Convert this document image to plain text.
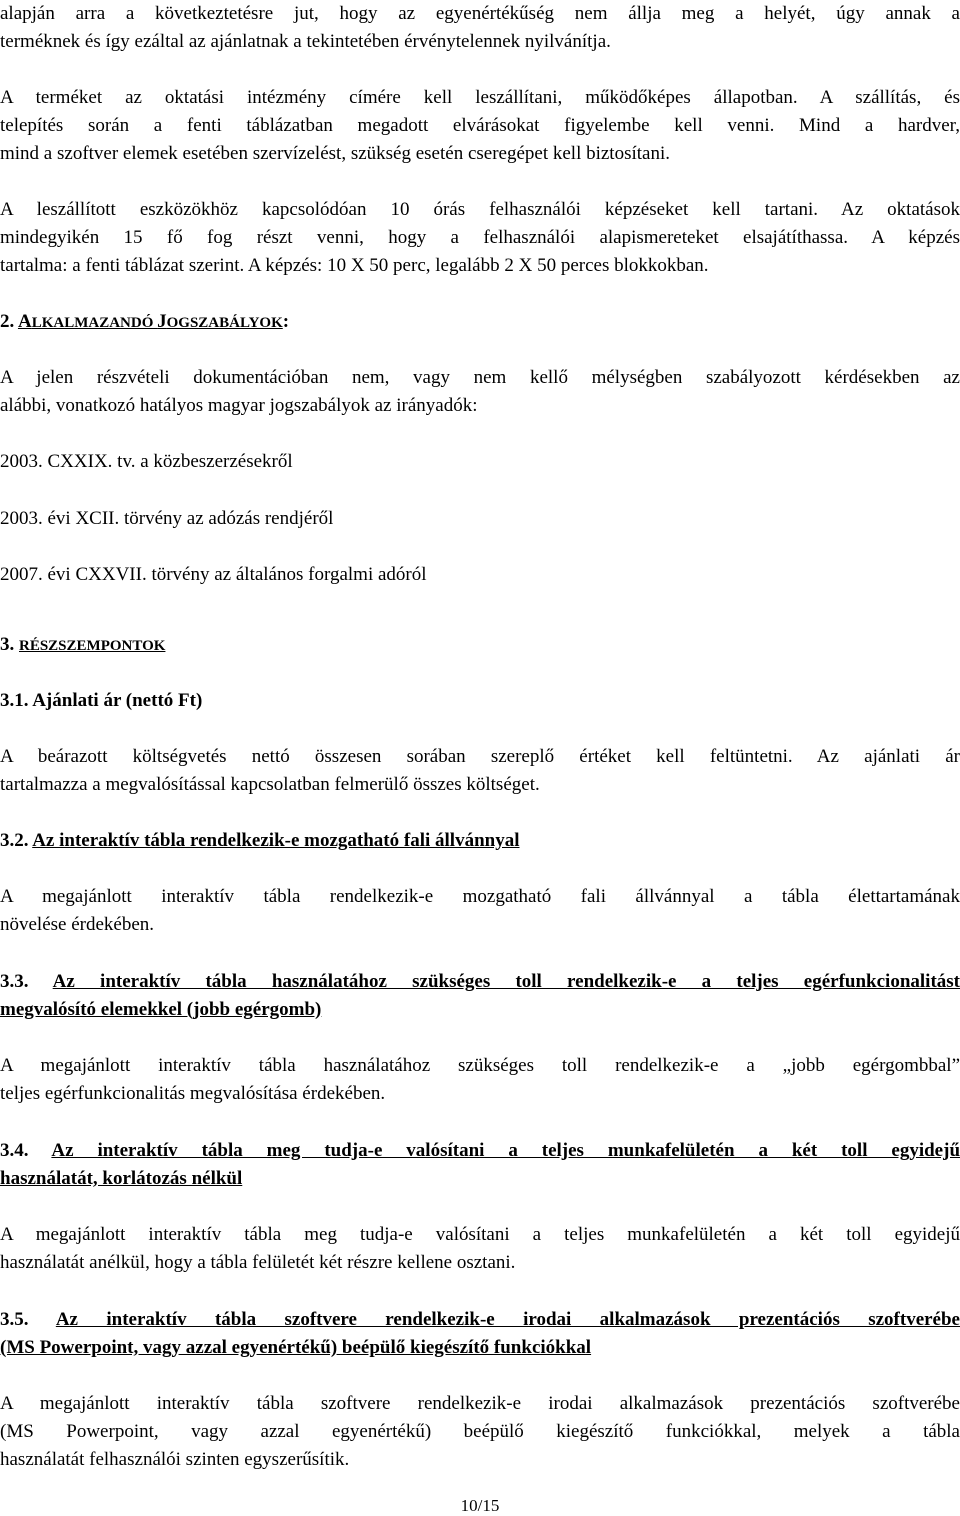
alapján arra a következtetésre jut, hogy az egyenértékűség nem állja meg a helyét, úgy annak a
terméknek és így ezáltal az ajánlatnak a tekintetében érvénytelennek nyilvánítja.
A terméket az oktatási intézmény címére kell leszállítani, működőképes állapotban. A szállítás, és
telepítés során a fenti táblázatban megadott elvárásokat figyelembe kell venni. Mind a hardver,
mind a szoftver elemek esetében szervízelést, szükség esetén cseregépet kell biztosítani.
A leszállított eszközökhöz kapcsolódóan 10 órás felhasználói képzéseket kell tartani. Az oktatások
mindegyikén 15 fő fog részt venni, hogy a felhasználói alapismereteket elsajátíthassa. A képzés
tartalma: a fenti táblázat szerint. A képzés: 10 X 50 perc, legalább 2 X 50 perces blokkokban.
2. ALKALMAZANDÓ JOGSZABÁLYOK:
A jelen részvételi dokumentációban nem, vagy nem kellő mélységben szabályozott kérdésekben az
alábbi, vonatkozó hatályos magyar jogszabályok az irányadók:
2003. CXXIX. tv. a közbeszerzésekről
2003. évi XCII. törvény az adózás rendjéről
2007. évi CXXVII. törvény az általános forgalmi adóról
3. RÉSZSZEMPONTOK
3.1. Ajánlati ár (nettó Ft)
A beárazott költségvetés nettó összesen sorában szereplő értéket kell feltüntetni. Az ajánlati ár
tartalmazza a megvalósítással kapcsolatban felmerülő összes költséget.
3.2. Az interaktív tábla rendelkezik-e mozgatható fali állvánnyal
A megajánlott interaktív tábla rendelkezik-e mozgatható fali állvánnyal a tábla élettartamának
növelése érdekében.
3.3. Az interaktív tábla használatához szükséges toll rendelkezik-e a teljes egérfunkcionalitást
megvalósító elemekkel (jobb egérgomb)
A megajánlott interaktív tábla használatához szükséges toll rendelkezik-e a „jobb egérgombbal”
teljes egérfunkcionalitás megvalósítása érdekében.
3.4. Az interaktív tábla meg tudja-e valósítani a teljes munkafelületén a két toll egyidejű
használatát, korlátozás nélkül
A megajánlott interaktív tábla meg tudja-e valósítani a teljes munkafelületén a két toll egyidejű
használatát anélkül, hogy a tábla felületét két részre kellene osztani.
3.5. Az interaktív tábla szoftvere rendelkezik-e irodai alkalmazások prezentációs szoftverébe
(MS Powerpoint, vagy azzal egyenértékű) beépülő kiegészítő funkciókkal
A megajánlott interaktív tábla szoftvere rendelkezik-e irodai alkalmazások prezentációs szoftverébe
(MS Powerpoint, vagy azzal egyenértékű) beépülő kiegészítő funkciókkal, melyek a tábla
használatát felhasználói szinten egyszerűsítik.
10/15
